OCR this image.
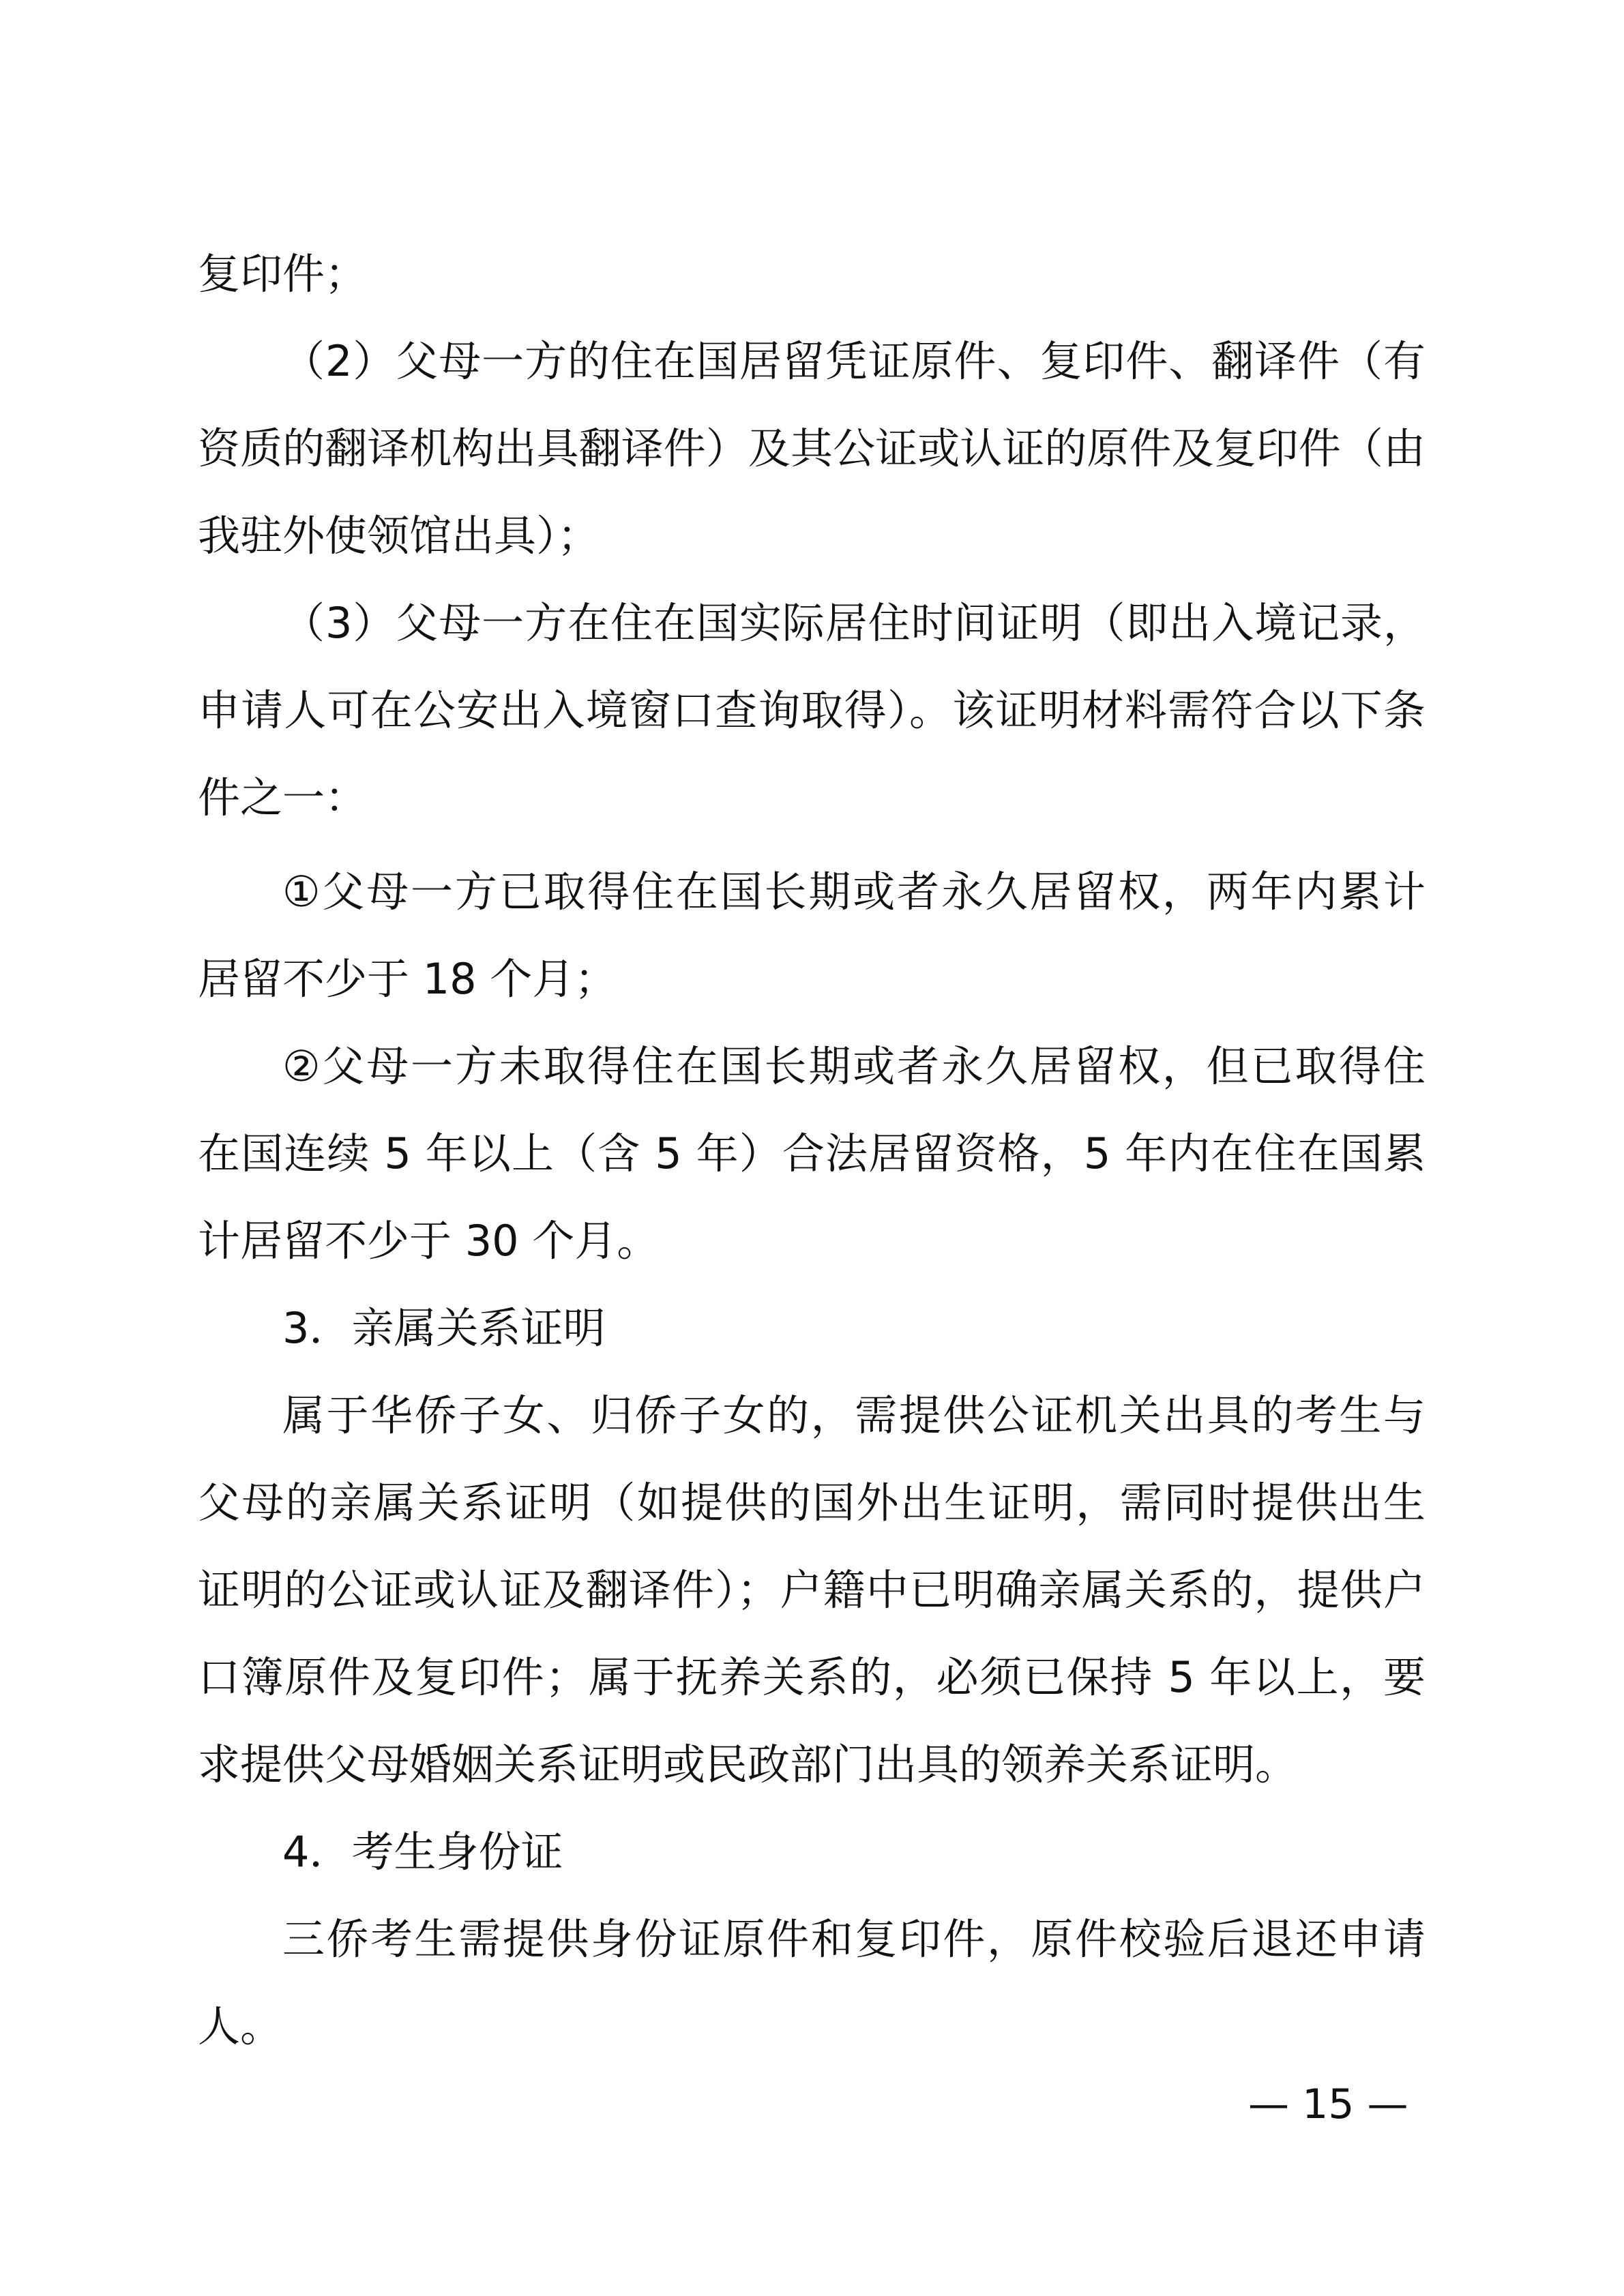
复印件；

（2）父母一方的住在国居留凭证原件、复印件、翻译件（有

资质的翻译机构出具翻译件）及其公证或认证的原件及复印件（由

我驻外使领馆出具）；

（3）父母一方在住在国实际居住时间证明（即出入境记录，

申请人可在公安出入境窗口查询取得）。该证明材料需符合以下条

件之一：

①父母一方已取得住在国长期或者永久居留权，两年内累计

居留不少于 18 个月；

②父母一方未取得住在国长期或者永久居留权，但已取得住

在国连续 5 年以上（含 5 年）合法居留资格，5 年内在住在国累

计居留不少于 30 个月。

3．亲属关系证明

属于华侨子女、归侨子女的，需提供公证机关出具的考生与

父母的亲属关系证明（如提供的国外出生证明，需同时提供出生

证明的公证或认证及翻译件）；户籍中已明确亲属关系的，提供户

口簿原件及复印件；属于抚养关系的，必须已保持 5 年以上，要

求提供父母婚姻关系证明或民政部门出具的领养关系证明。

4．考生身份证

三侨考生需提供身份证原件和复印件，原件校验后退还申请

人。

— 15 —
